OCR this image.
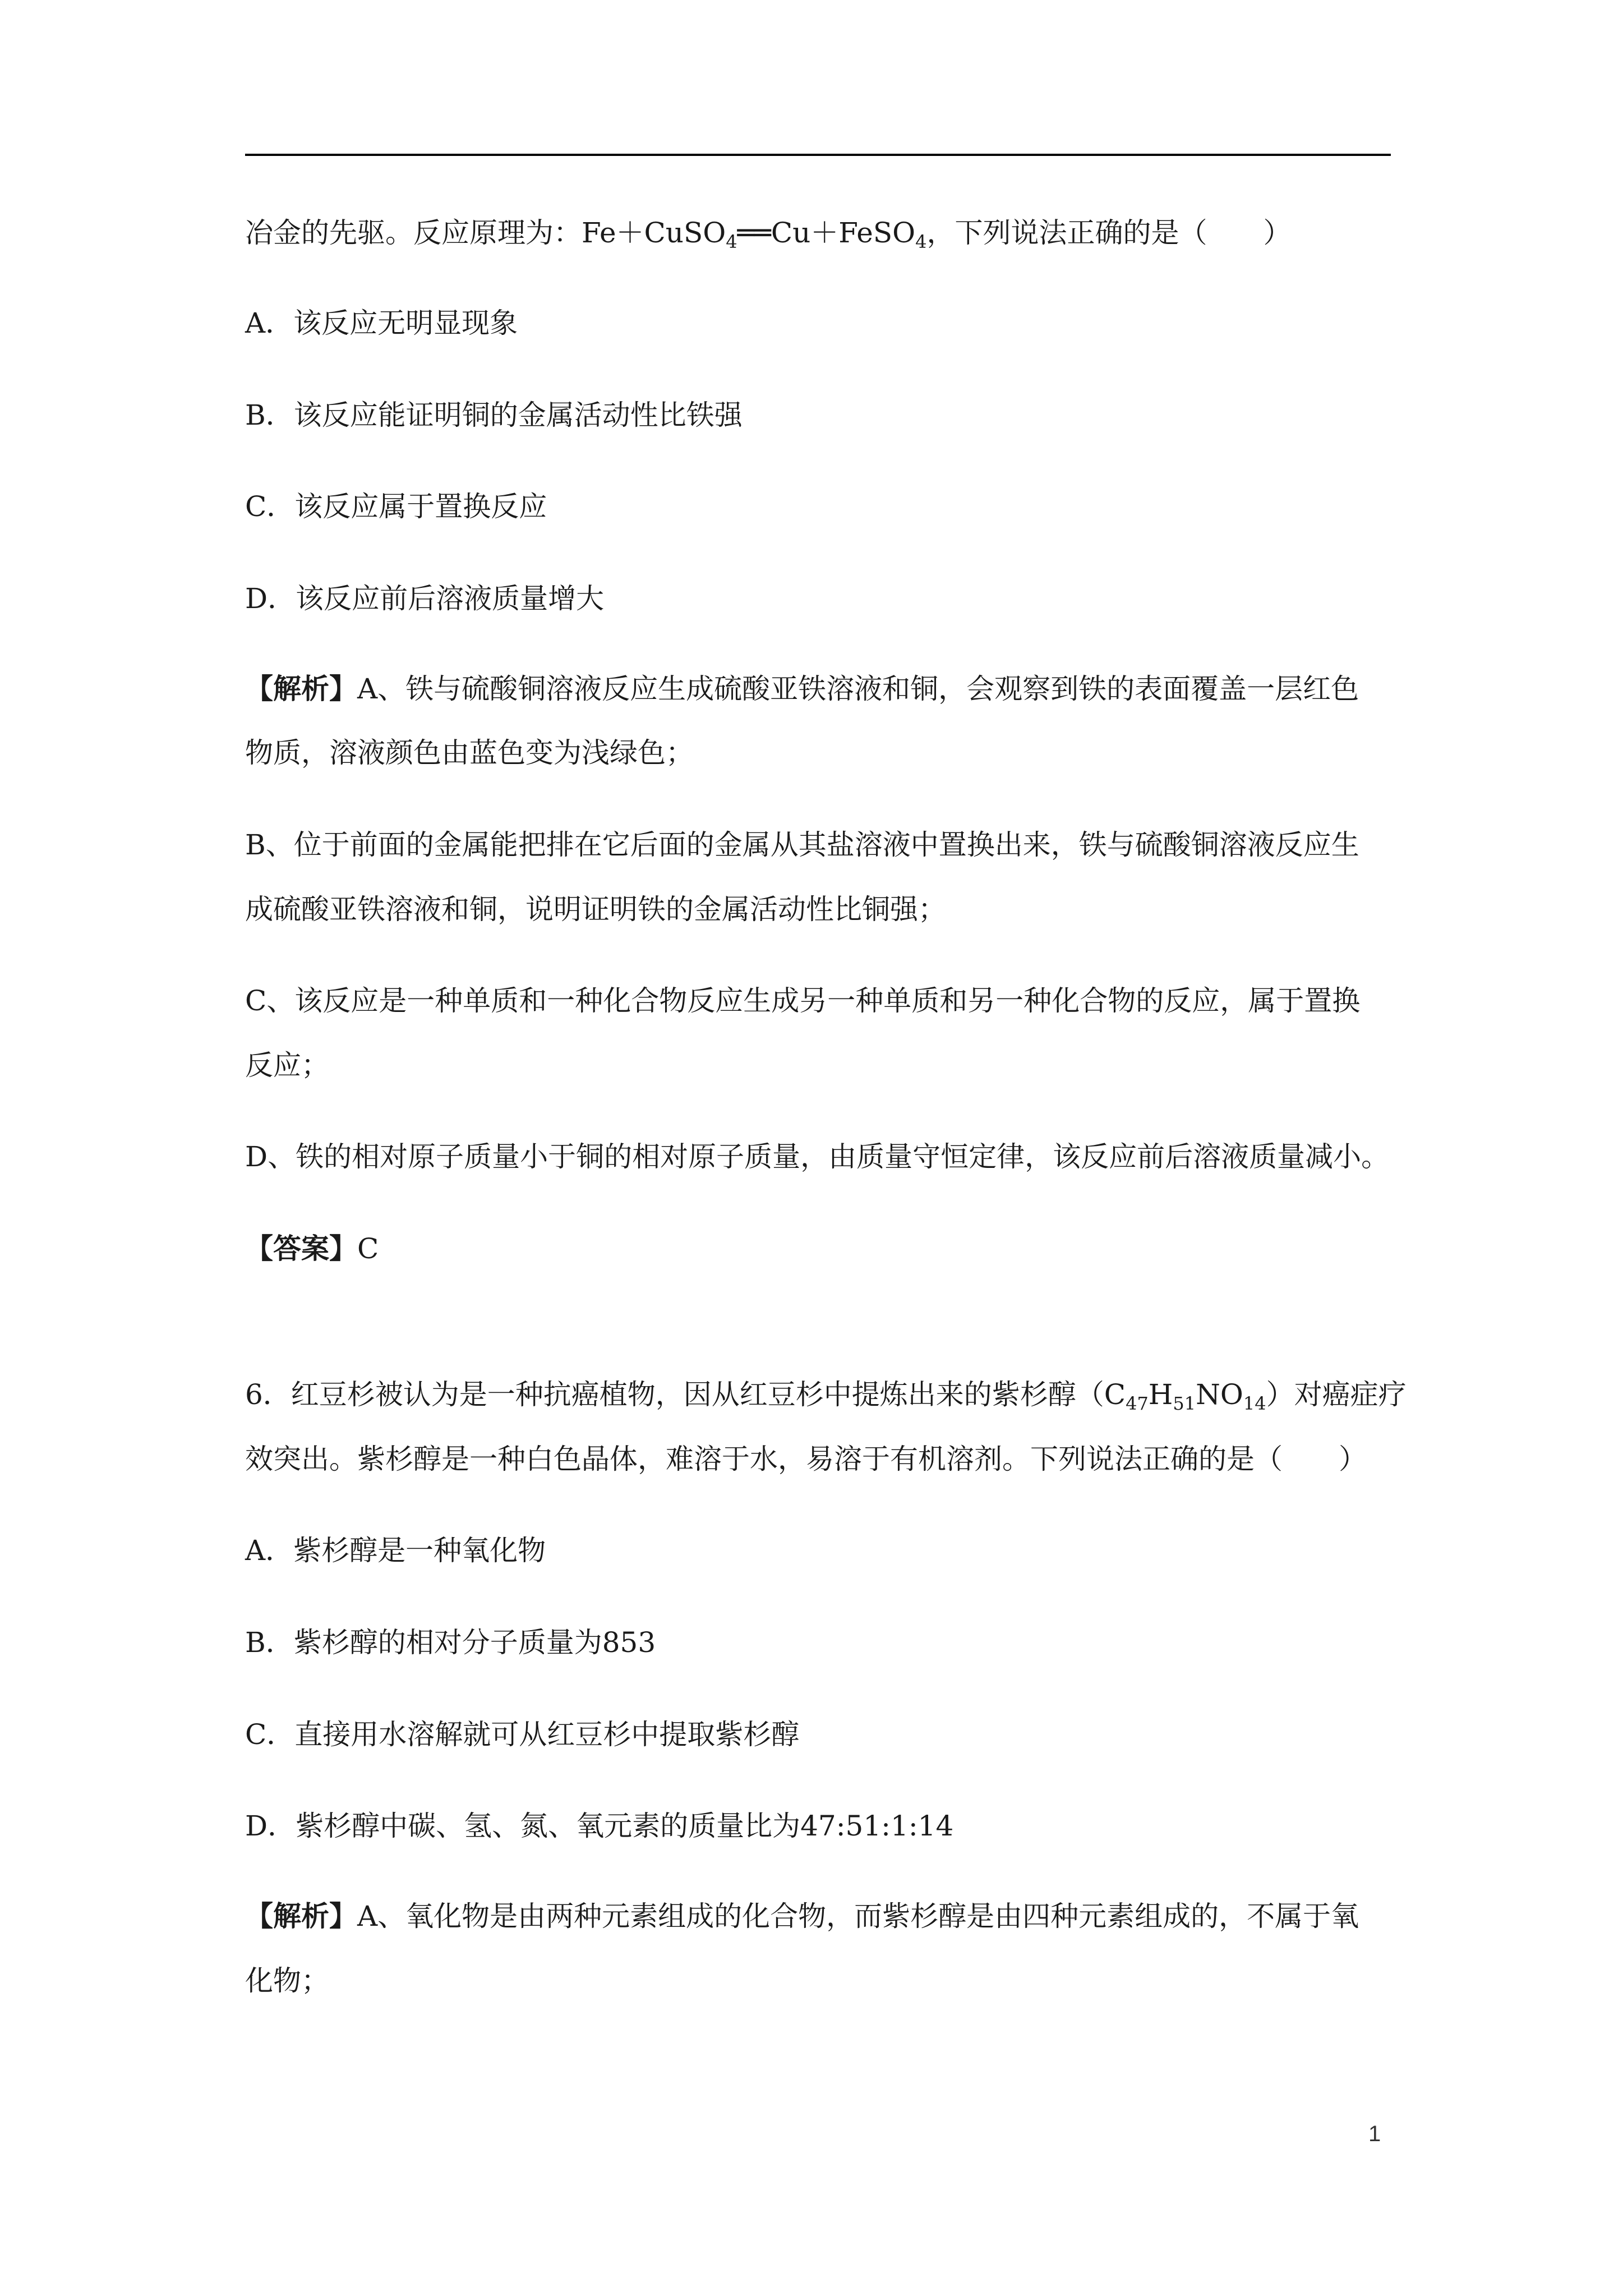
冶金的先驱。反应原理为：Fe＋CuSO$_4$══Cu＋FeSO$_4$，下列说法正确的是（　　）
A．该反应无明显现象
B．该反应能证明铜的金属活动性比铁强
C．该反应属于置换反应
D．该反应前后溶液质量增大
【解析】A、铁与硫酸铜溶液反应生成硫酸亚铁溶液和铜，会观察到铁的表面覆盖一层红色
物质，溶液颜色由蓝色变为浅绿色；
B、位于前面的金属能把排在它后面的金属从其盐溶液中置换出来，铁与硫酸铜溶液反应生
成硫酸亚铁溶液和铜，说明证明铁的金属活动性比铜强；
C、该反应是一种单质和一种化合物反应生成另一种单质和另一种化合物的反应，属于置换
反应；
D、铁的相对原子质量小于铜的相对原子质量，由质量守恒定律，该反应前后溶液质量减小。
【答案】C
6．红豆杉被认为是一种抗癌植物，因从红豆杉中提炼出来的紫杉醇$(C_{47}H_{51}NO_{14})$对癌症疗
效突出。紫杉醇是一种白色晶体，难溶于水，易溶于有机溶剂。下列说法正确的是（　　）
A．紫杉醇是一种氧化物
B．紫杉醇的相对分子质量为853
C．直接用水溶解就可从红豆杉中提取紫杉醇
D．紫杉醇中碳、氢、氮、氧元素的质量比为47:51:1:14
【解析】A、氧化物是由两种元素组成的化合物，而紫杉醇是由四种元素组成的，不属于氧
化物；
1
